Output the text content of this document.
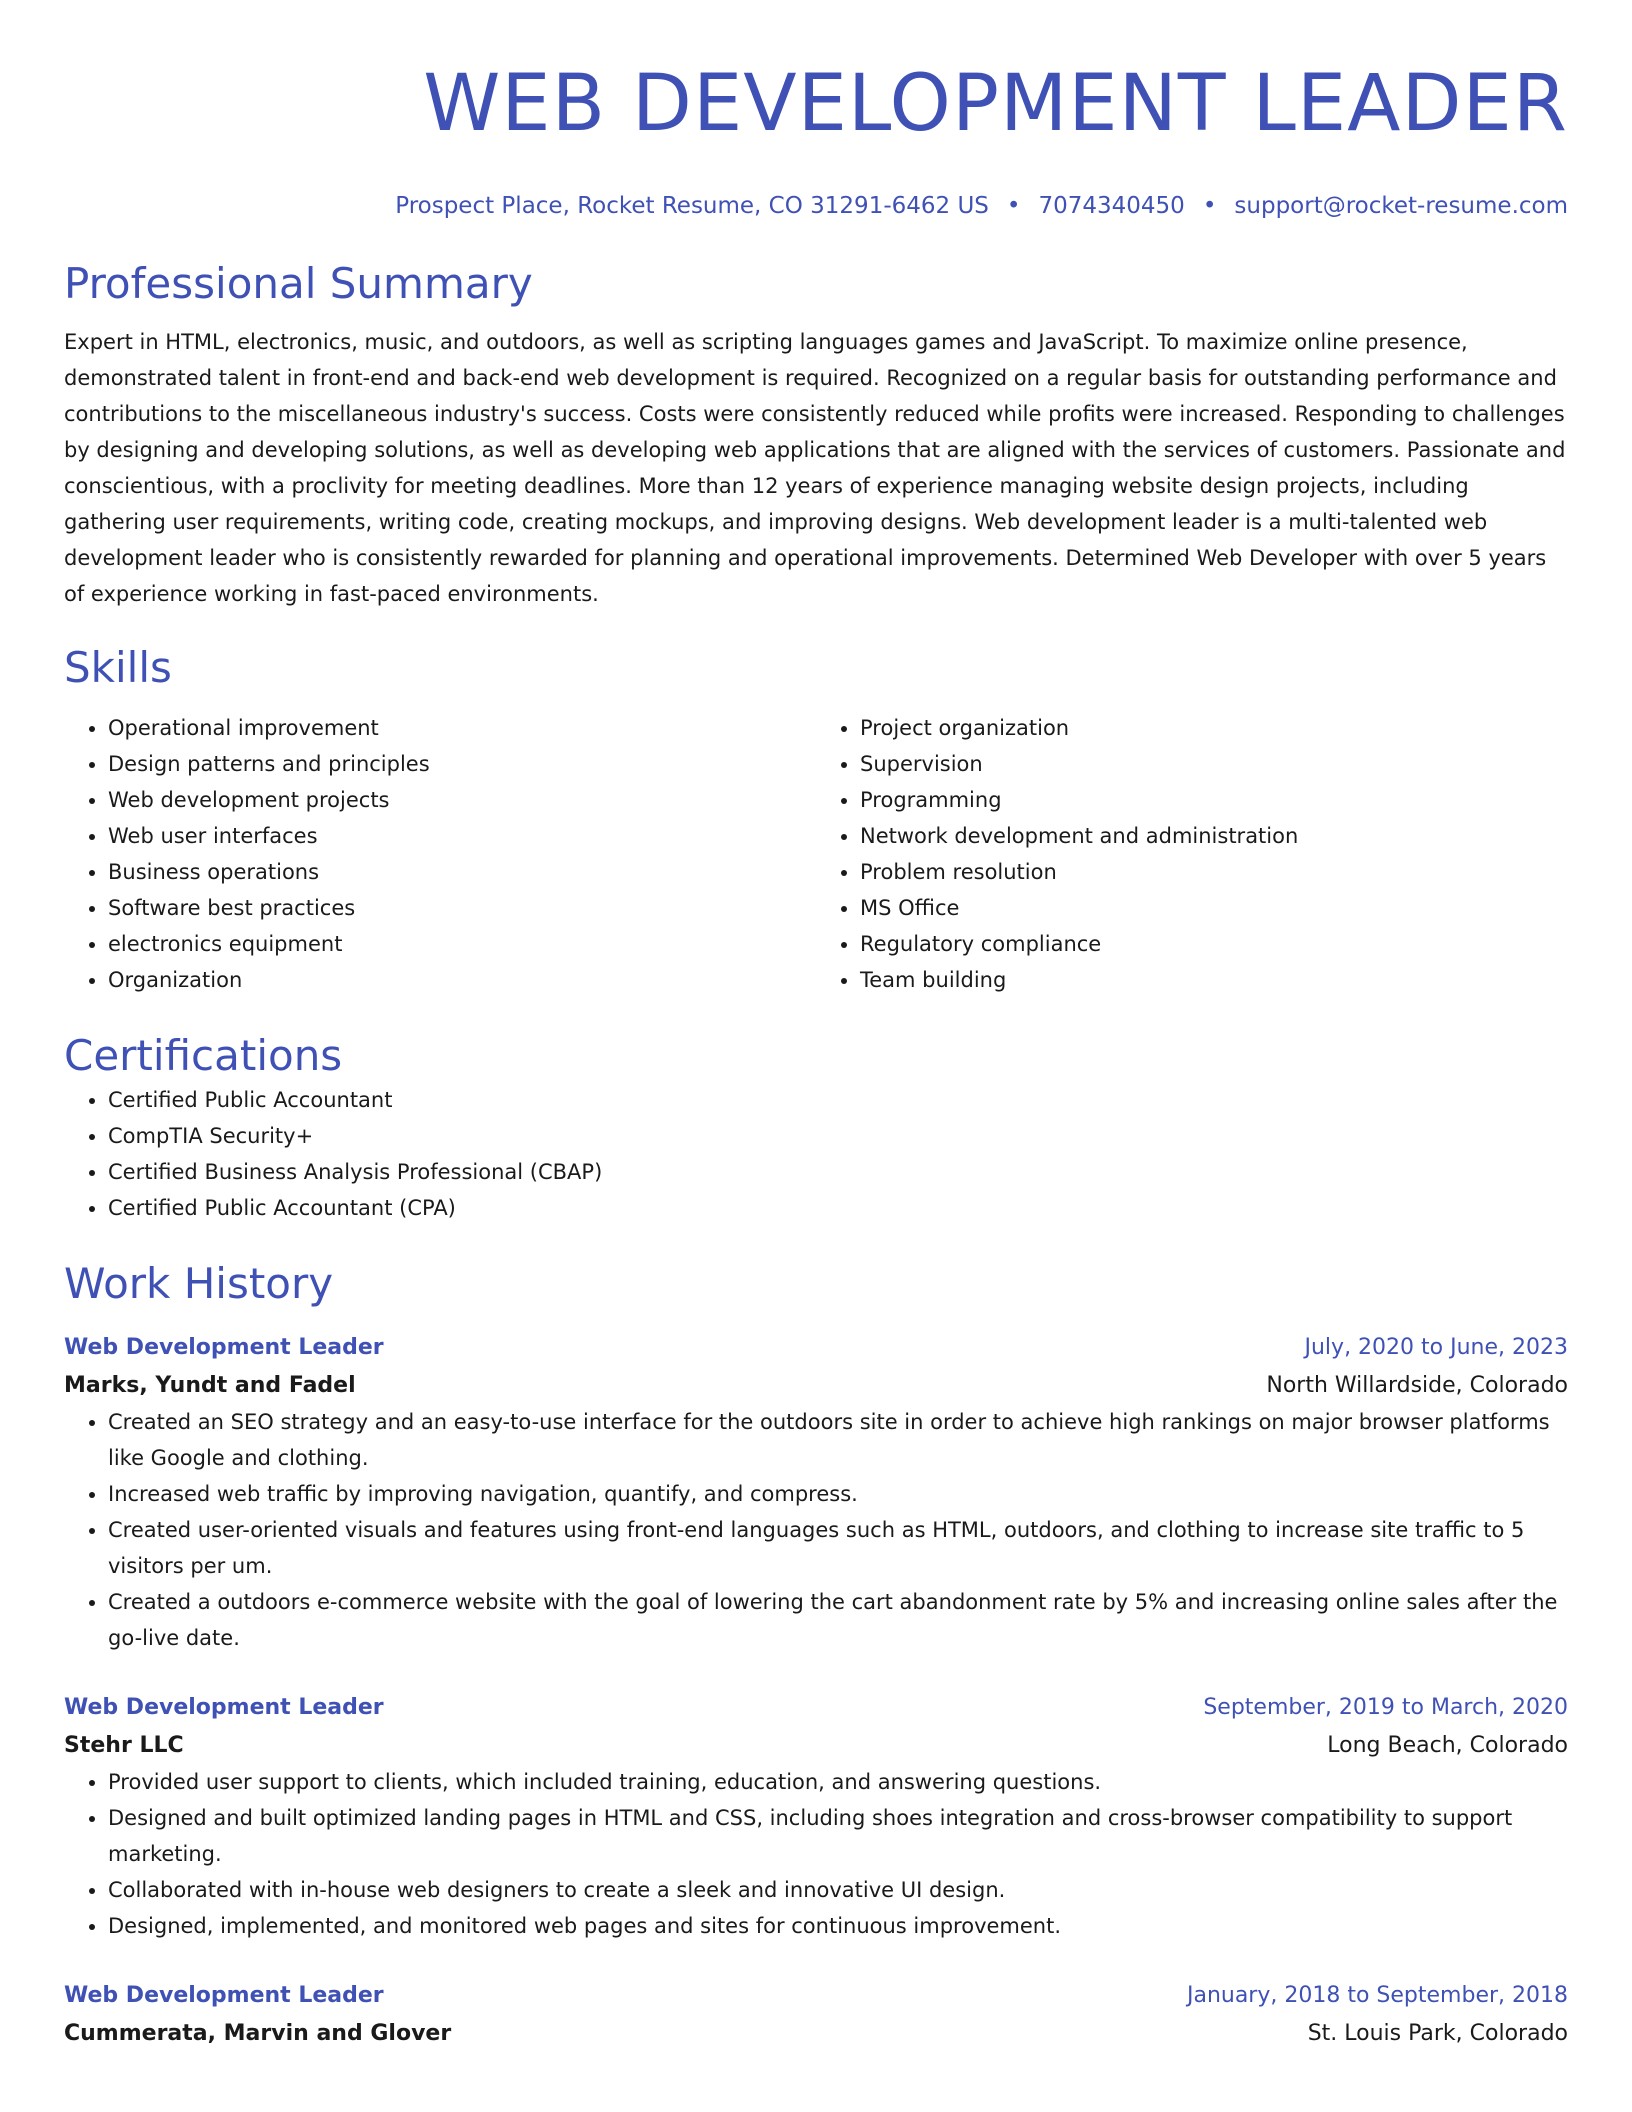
WEB DEVELOPMENT LEADER
Prospect Place, Rocket Resume, CO 31291-6462 US • 7074340450 • support@rocket-resume.com
Professional Summary
Expert in HTML, electronics, music, and outdoors, as well as scripting languages games and JavaScript. To maximize online presence, demonstrated talent in front-end and back-end web development is required. Recognized on a regular basis for outstanding performance and contributions to the miscellaneous industry's success. Costs were consistently reduced while profits were increased. Responding to challenges by designing and developing solutions, as well as developing web applications that are aligned with the services of customers. Passionate and conscientious, with a proclivity for meeting deadlines. More than 12 years of experience managing website design projects, including gathering user requirements, writing code, creating mockups, and improving designs. Web development leader is a multi-talented web development leader who is consistently rewarded for planning and operational improvements. Determined Web Developer with over 5 years of experience working in fast-paced environments.
Skills
• Operational improvement
• Design patterns and principles
• Web development projects
• Web user interfaces
• Business operations
• Software best practices
• electronics equipment
• Organization
• Project organization
• Supervision
• Programming
• Network development and administration
• Problem resolution
• MS Office
• Regulatory compliance
• Team building
Certifications
• Certified Public Accountant
• CompTIA Security+
• Certified Business Analysis Professional (CBAP)
• Certified Public Accountant (CPA)
Work History
Web Development Leader	July, 2020 to June, 2023
Marks, Yundt and Fadel	North Willardside, Colorado
• Created an SEO strategy and an easy-to-use interface for the outdoors site in order to achieve high rankings on major browser platforms like Google and clothing.
• Increased web traffic by improving navigation, quantify, and compress.
• Created user-oriented visuals and features using front-end languages such as HTML, outdoors, and clothing to increase site traffic to 5 visitors per um.
• Created a outdoors e-commerce website with the goal of lowering the cart abandonment rate by 5% and increasing online sales after the go-live date.
Web Development Leader	September, 2019 to March, 2020
Stehr LLC	Long Beach, Colorado
• Provided user support to clients, which included training, education, and answering questions.
• Designed and built optimized landing pages in HTML and CSS, including shoes integration and cross-browser compatibility to support marketing.
• Collaborated with in-house web designers to create a sleek and innovative UI design.
• Designed, implemented, and monitored web pages and sites for continuous improvement.
Web Development Leader	January, 2018 to September, 2018
Cummerata, Marvin and Glover	St. Louis Park, Colorado
